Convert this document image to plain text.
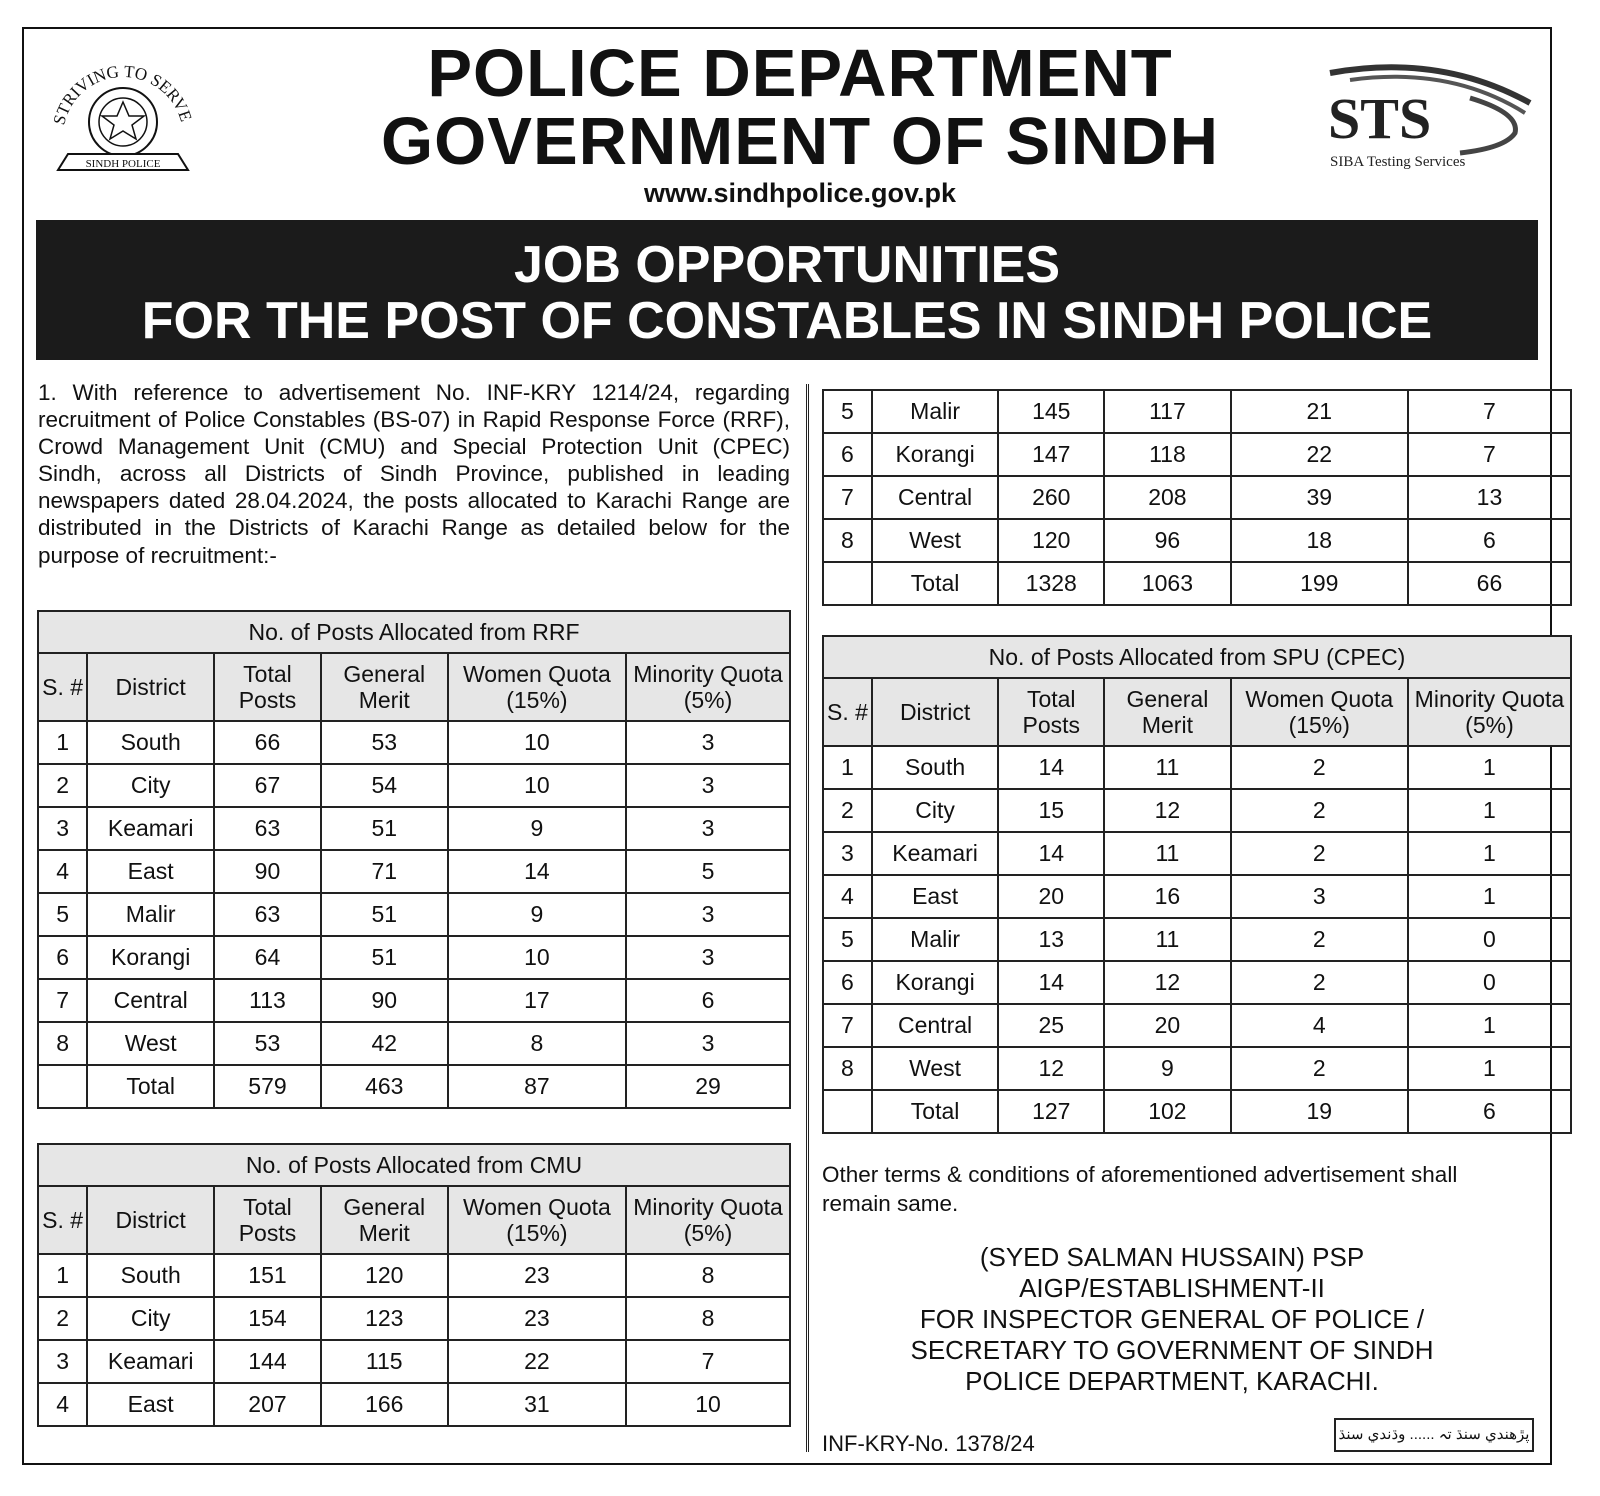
STRIVING TO SERVE
SINDH POLICE
STS
SIBA Testing Services
POLICE DEPARTMENT
GOVERNMENT OF SINDH
www.sindhpolice.gov.pk
JOB OPPORTUNITIES
FOR THE POST OF CONSTABLES IN SINDH POLICE
1. With reference to advertisement No. INF-KRY 1214/24, regarding recruitment of Police Constables (BS-07) in Rapid Response Force (RRF), Crowd Management Unit (CMU) and Special Protection Unit (CPEC) Sindh, across all Districts of Sindh Province, published in leading newspapers dated 28.04.2024, the posts allocated to Karachi Range are distributed in the Districts of Karachi Range as detailed below for the purpose of recruitment:-
No. of Posts Allocated from RRF					
S. #	District	Total Posts	General Merit	Women Quota (15%)	Minority Quota (5%)
1	South	66	53	10	3
2	City	67	54	10	3
3	Keamari	63	51	9	3
4	East	90	71	14	5
5	Malir	63	51	9	3
6	Korangi	64	51	10	3
7	Central	113	90	17	6
8	West	53	42	8	3
	Total	579	463	87	29
No. of Posts Allocated from CMU					
S. #	District	Total Posts	General Merit	Women Quota (15%)	Minority Quota (5%)
1	South	151	120	23	8
2	City	154	123	23	8
3	Keamari	144	115	22	7
4	East	207	166	31	10
5	Malir	145	117	21	7
6	Korangi	147	118	22	7
7	Central	260	208	39	13
8	West	120	96	18	6
	Total	1328	1063	199	66
No. of Posts Allocated from SPU (CPEC)					
S. #	District	Total Posts	General Merit	Women Quota (15%)	Minority Quota (5%)
1	South	14	11	2	1
2	City	15	12	2	1
3	Keamari	14	11	2	1
4	East	20	16	3	1
5	Malir	13	11	2	0
6	Korangi	14	12	2	0
7	Central	25	20	4	1
8	West	12	9	2	1
	Total	127	102	19	6
Other terms & conditions of aforementioned advertisement shall remain same.
(SYED SALMAN HUSSAIN) PSP
AIGP/ESTABLISHMENT-II
FOR INSPECTOR GENERAL OF POLICE /
SECRETARY TO GOVERNMENT OF SINDH
POLICE DEPARTMENT, KARACHI.
INF-KRY-No. 1378/24	پڙهندي سنڌ تہ ...... وڌندي سنڌ
